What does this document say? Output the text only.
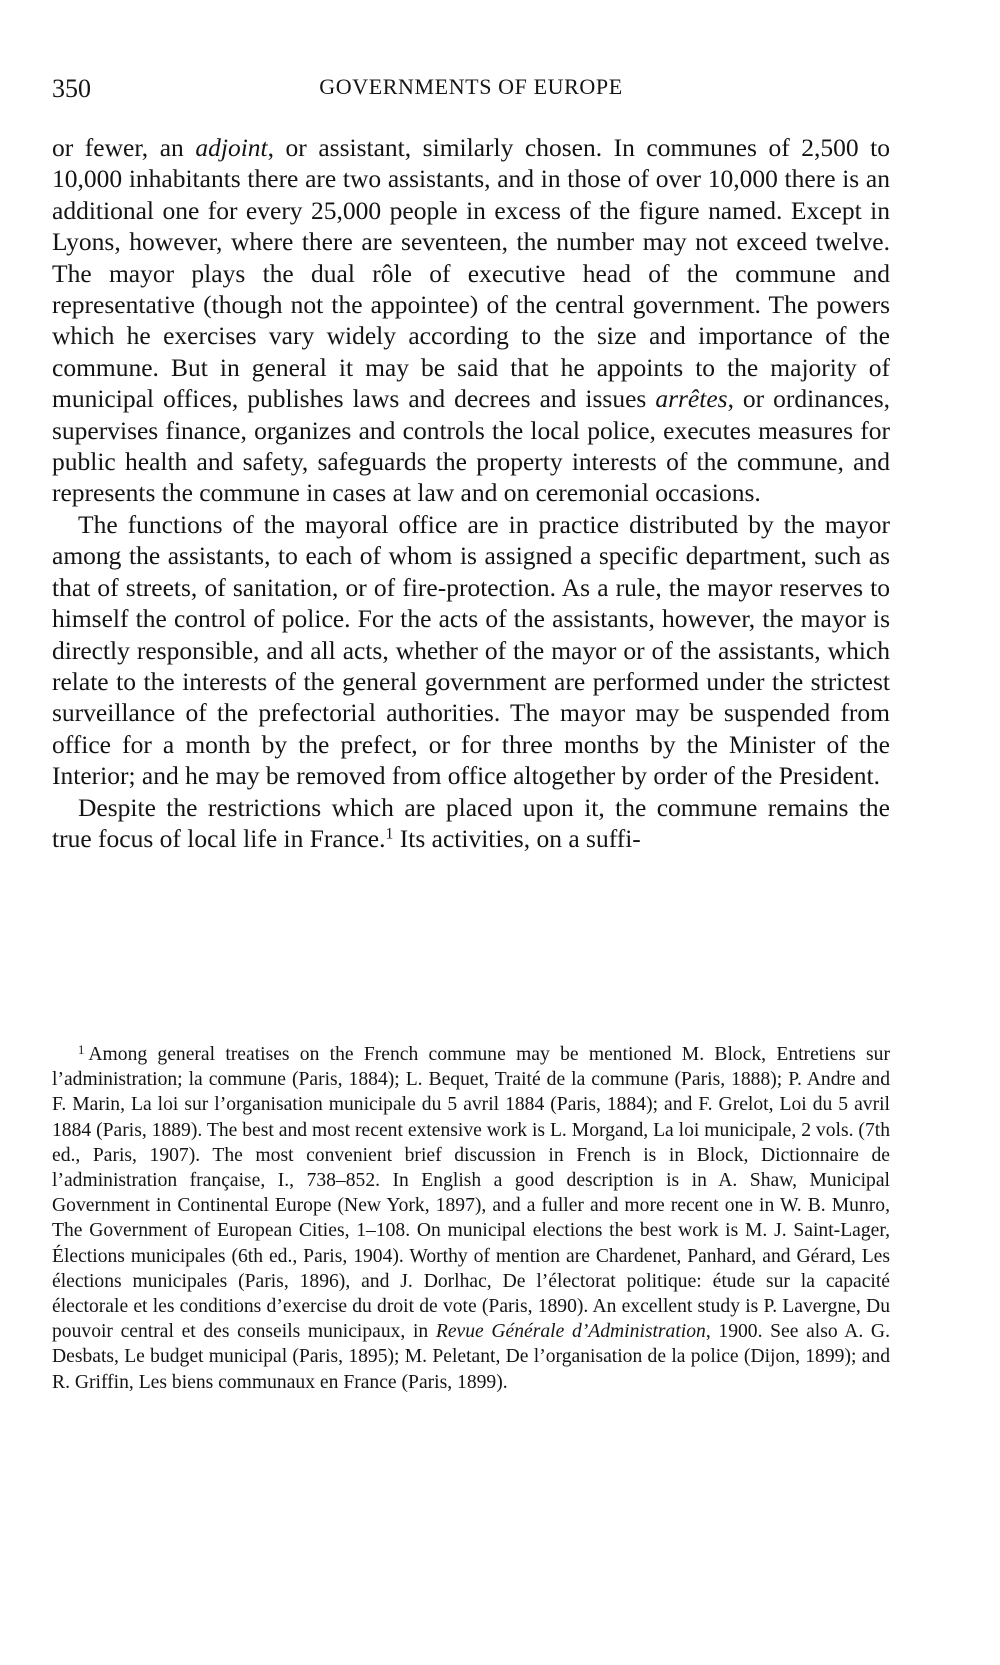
350	GOVERNMENTS OF EUROPE

or fewer, an adjoint, or assistant, similarly chosen. In communes of 2,500 to 10,000 inhabitants there are two assistants, and in those of over 10,000 there is an additional one for every 25,000 people in excess of the figure named. Except in Lyons, however, where there are seventeen, the number may not exceed twelve. The mayor plays the dual rôle of executive head of the commune and representative (though not the appointee) of the central government. The powers which he exercises vary widely according to the size and importance of the commune. But in general it may be said that he appoints to the majority of municipal offices, publishes laws and decrees and issues arrêtes, or ordinances, supervises finance, organizes and controls the local police, executes measures for public health and safety, safeguards the property interests of the commune, and represents the commune in cases at law and on ceremonial occasions.

The functions of the mayoral office are in practice distributed by the mayor among the assistants, to each of whom is assigned a specific department, such as that of streets, of sanitation, or of fire-protection. As a rule, the mayor reserves to himself the control of police. For the acts of the assistants, however, the mayor is directly responsible, and all acts, whether of the mayor or of the assistants, which relate to the interests of the general government are performed under the strictest surveillance of the prefectorial authorities. The mayor may be suspended from office for a month by the prefect, or for three months by the Minister of the Interior; and he may be removed from office altogether by order of the President.

Despite the restrictions which are placed upon it, the commune remains the true focus of local life in France.$^1$ Its activities, on a suffi-

$^1$ Among general treatises on the French commune may be mentioned M. Block, Entretiens sur l’administration; la commune (Paris, 1884); L. Bequet, Traité de la commune (Paris, 1888); P. Andre and F. Marin, La loi sur l’organisation municipale du 5 avril 1884 (Paris, 1884); and F. Grelot, Loi du 5 avril 1884 (Paris, 1889). The best and most recent extensive work is L. Morgand, La loi municipale, 2 vols. (7th ed., Paris, 1907). The most convenient brief discussion in French is in Block, Dictionnaire de l’administration française, I., 738–852. In English a good description is in A. Shaw, Municipal Government in Continental Europe (New York, 1897), and a fuller and more recent one in W. B. Munro, The Government of European Cities, 1–108. On municipal elections the best work is M. J. Saint-Lager, Élections municipales (6th ed., Paris, 1904). Worthy of mention are Chardenet, Panhard, and Gérard, Les élections municipales (Paris, 1896), and J. Dorlhac, De l’électorat politique: étude sur la capacité électorale et les conditions d’exercise du droit de vote (Paris, 1890). An excellent study is P. Lavergne, Du pouvoir central et des conseils municipaux, in Revue Générale d’Administration, 1900. See also A. G. Desbats, Le budget municipal (Paris, 1895); M. Peletant, De l’organisation de la police (Dijon, 1899); and R. Griffin, Les biens communaux en France (Paris, 1899).
